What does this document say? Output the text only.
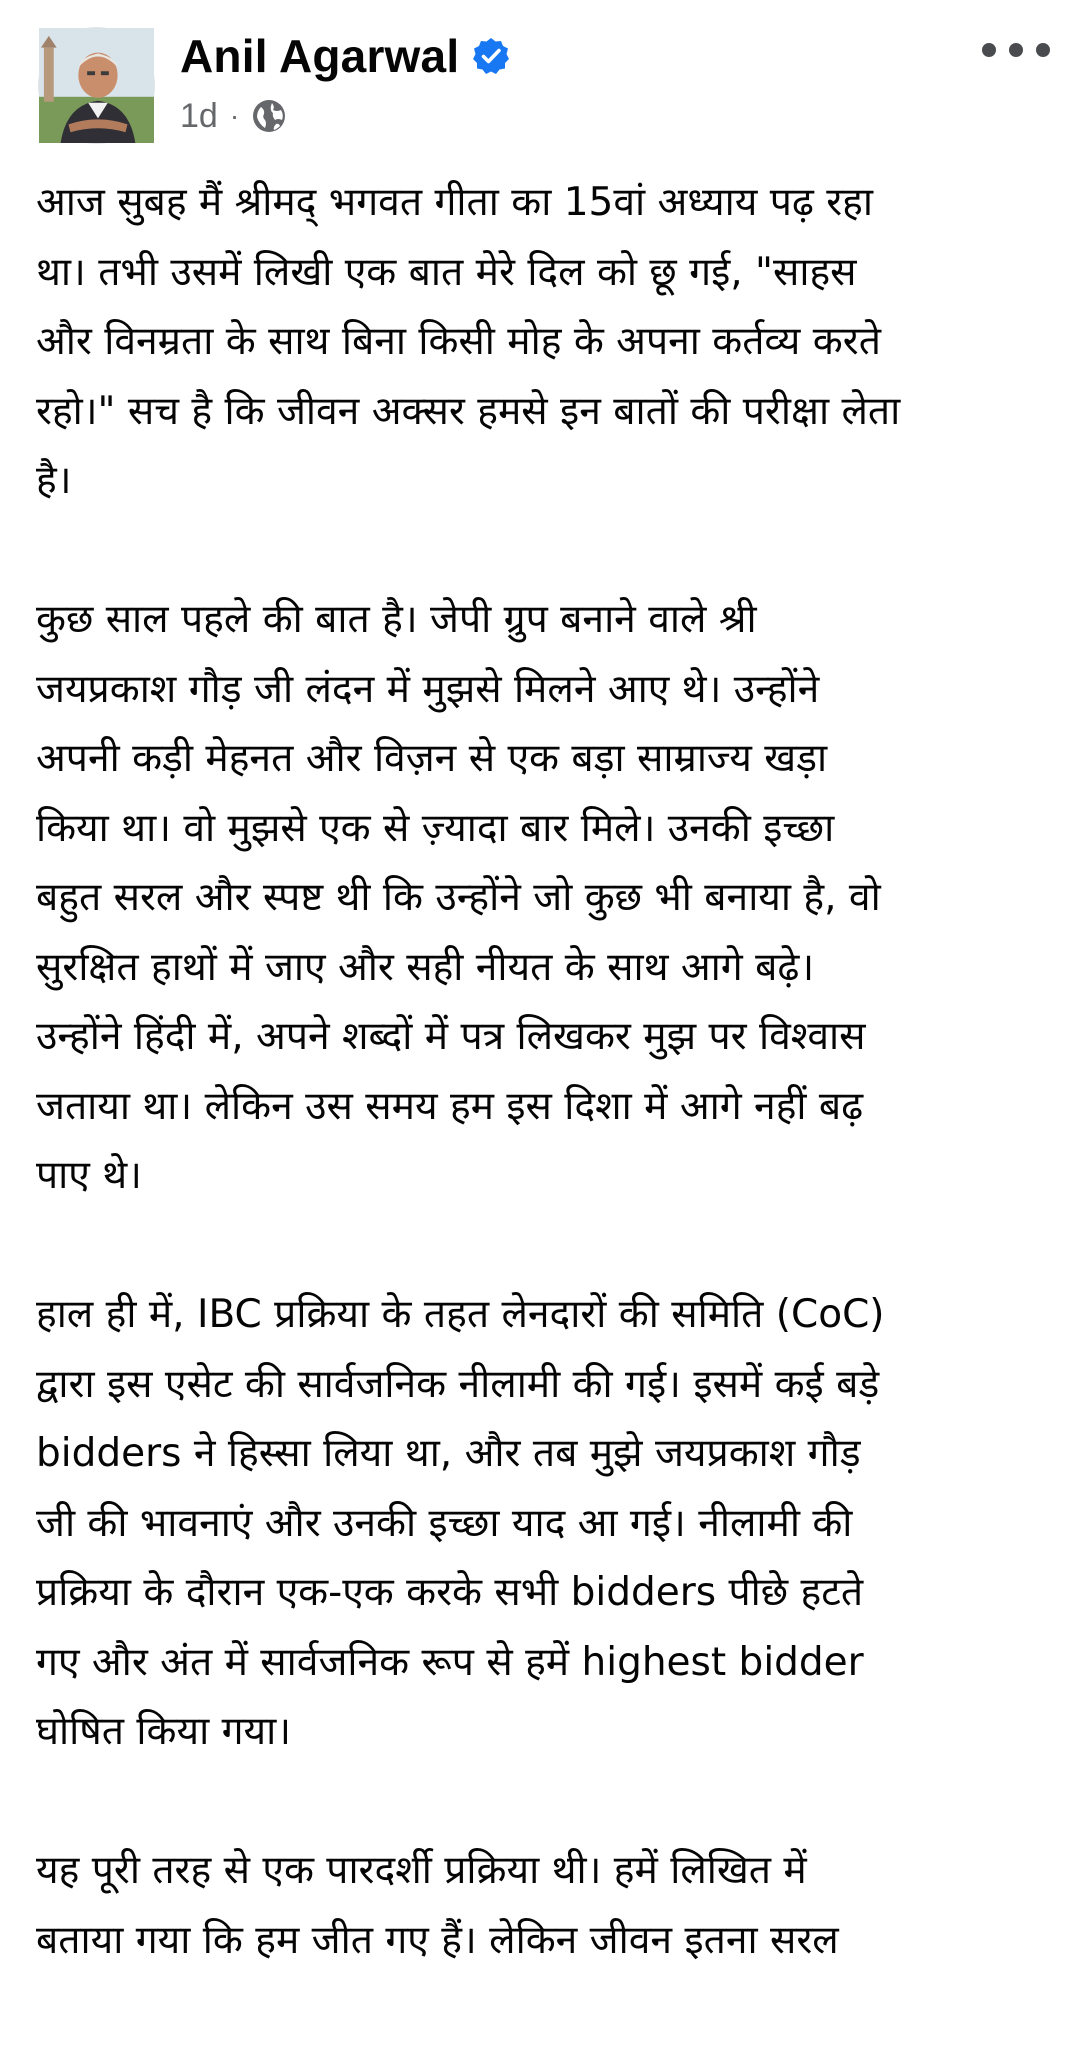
Anil Agarwal
1d ·

आज सुबह मैं श्रीमद् भगवत गीता का 15वां अध्याय पढ़ रहा
था। तभी उसमें लिखी एक बात मेरे दिल को छू गई, "साहस
और विनम्रता के साथ बिना किसी मोह के अपना कर्तव्य करते
रहो।" सच है कि जीवन अक्सर हमसे इन बातों की परीक्षा लेता
है।

कुछ साल पहले की बात है। जेपी ग्रुप बनाने वाले श्री
जयप्रकाश गौड़ जी लंदन में मुझसे मिलने आए थे। उन्होंने
अपनी कड़ी मेहनत और विज़न से एक बड़ा साम्राज्य खड़ा
किया था। वो मुझसे एक से ज़्यादा बार मिले। उनकी इच्छा
बहुत सरल और स्पष्ट थी कि उन्होंने जो कुछ भी बनाया है, वो
सुरक्षित हाथों में जाए और सही नीयत के साथ आगे बढ़े।
उन्होंने हिंदी में, अपने शब्दों में पत्र लिखकर मुझ पर विश्वास
जताया था। लेकिन उस समय हम इस दिशा में आगे नहीं बढ़
पाए थे।

हाल ही में, IBC प्रक्रिया के तहत लेनदारों की समिति (CoC)
द्वारा इस एसेट की सार्वजनिक नीलामी की गई। इसमें कई बड़े
bidders ने हिस्सा लिया था, और तब मुझे जयप्रकाश गौड़
जी की भावनाएं और उनकी इच्छा याद आ गई। नीलामी की
प्रक्रिया के दौरान एक-एक करके सभी bidders पीछे हटते
गए और अंत में सार्वजनिक रूप से हमें highest bidder
घोषित किया गया।

यह पूरी तरह से एक पारदर्शी प्रक्रिया थी। हमें लिखित में
बताया गया कि हम जीत गए हैं। लेकिन जीवन इतना सरल
